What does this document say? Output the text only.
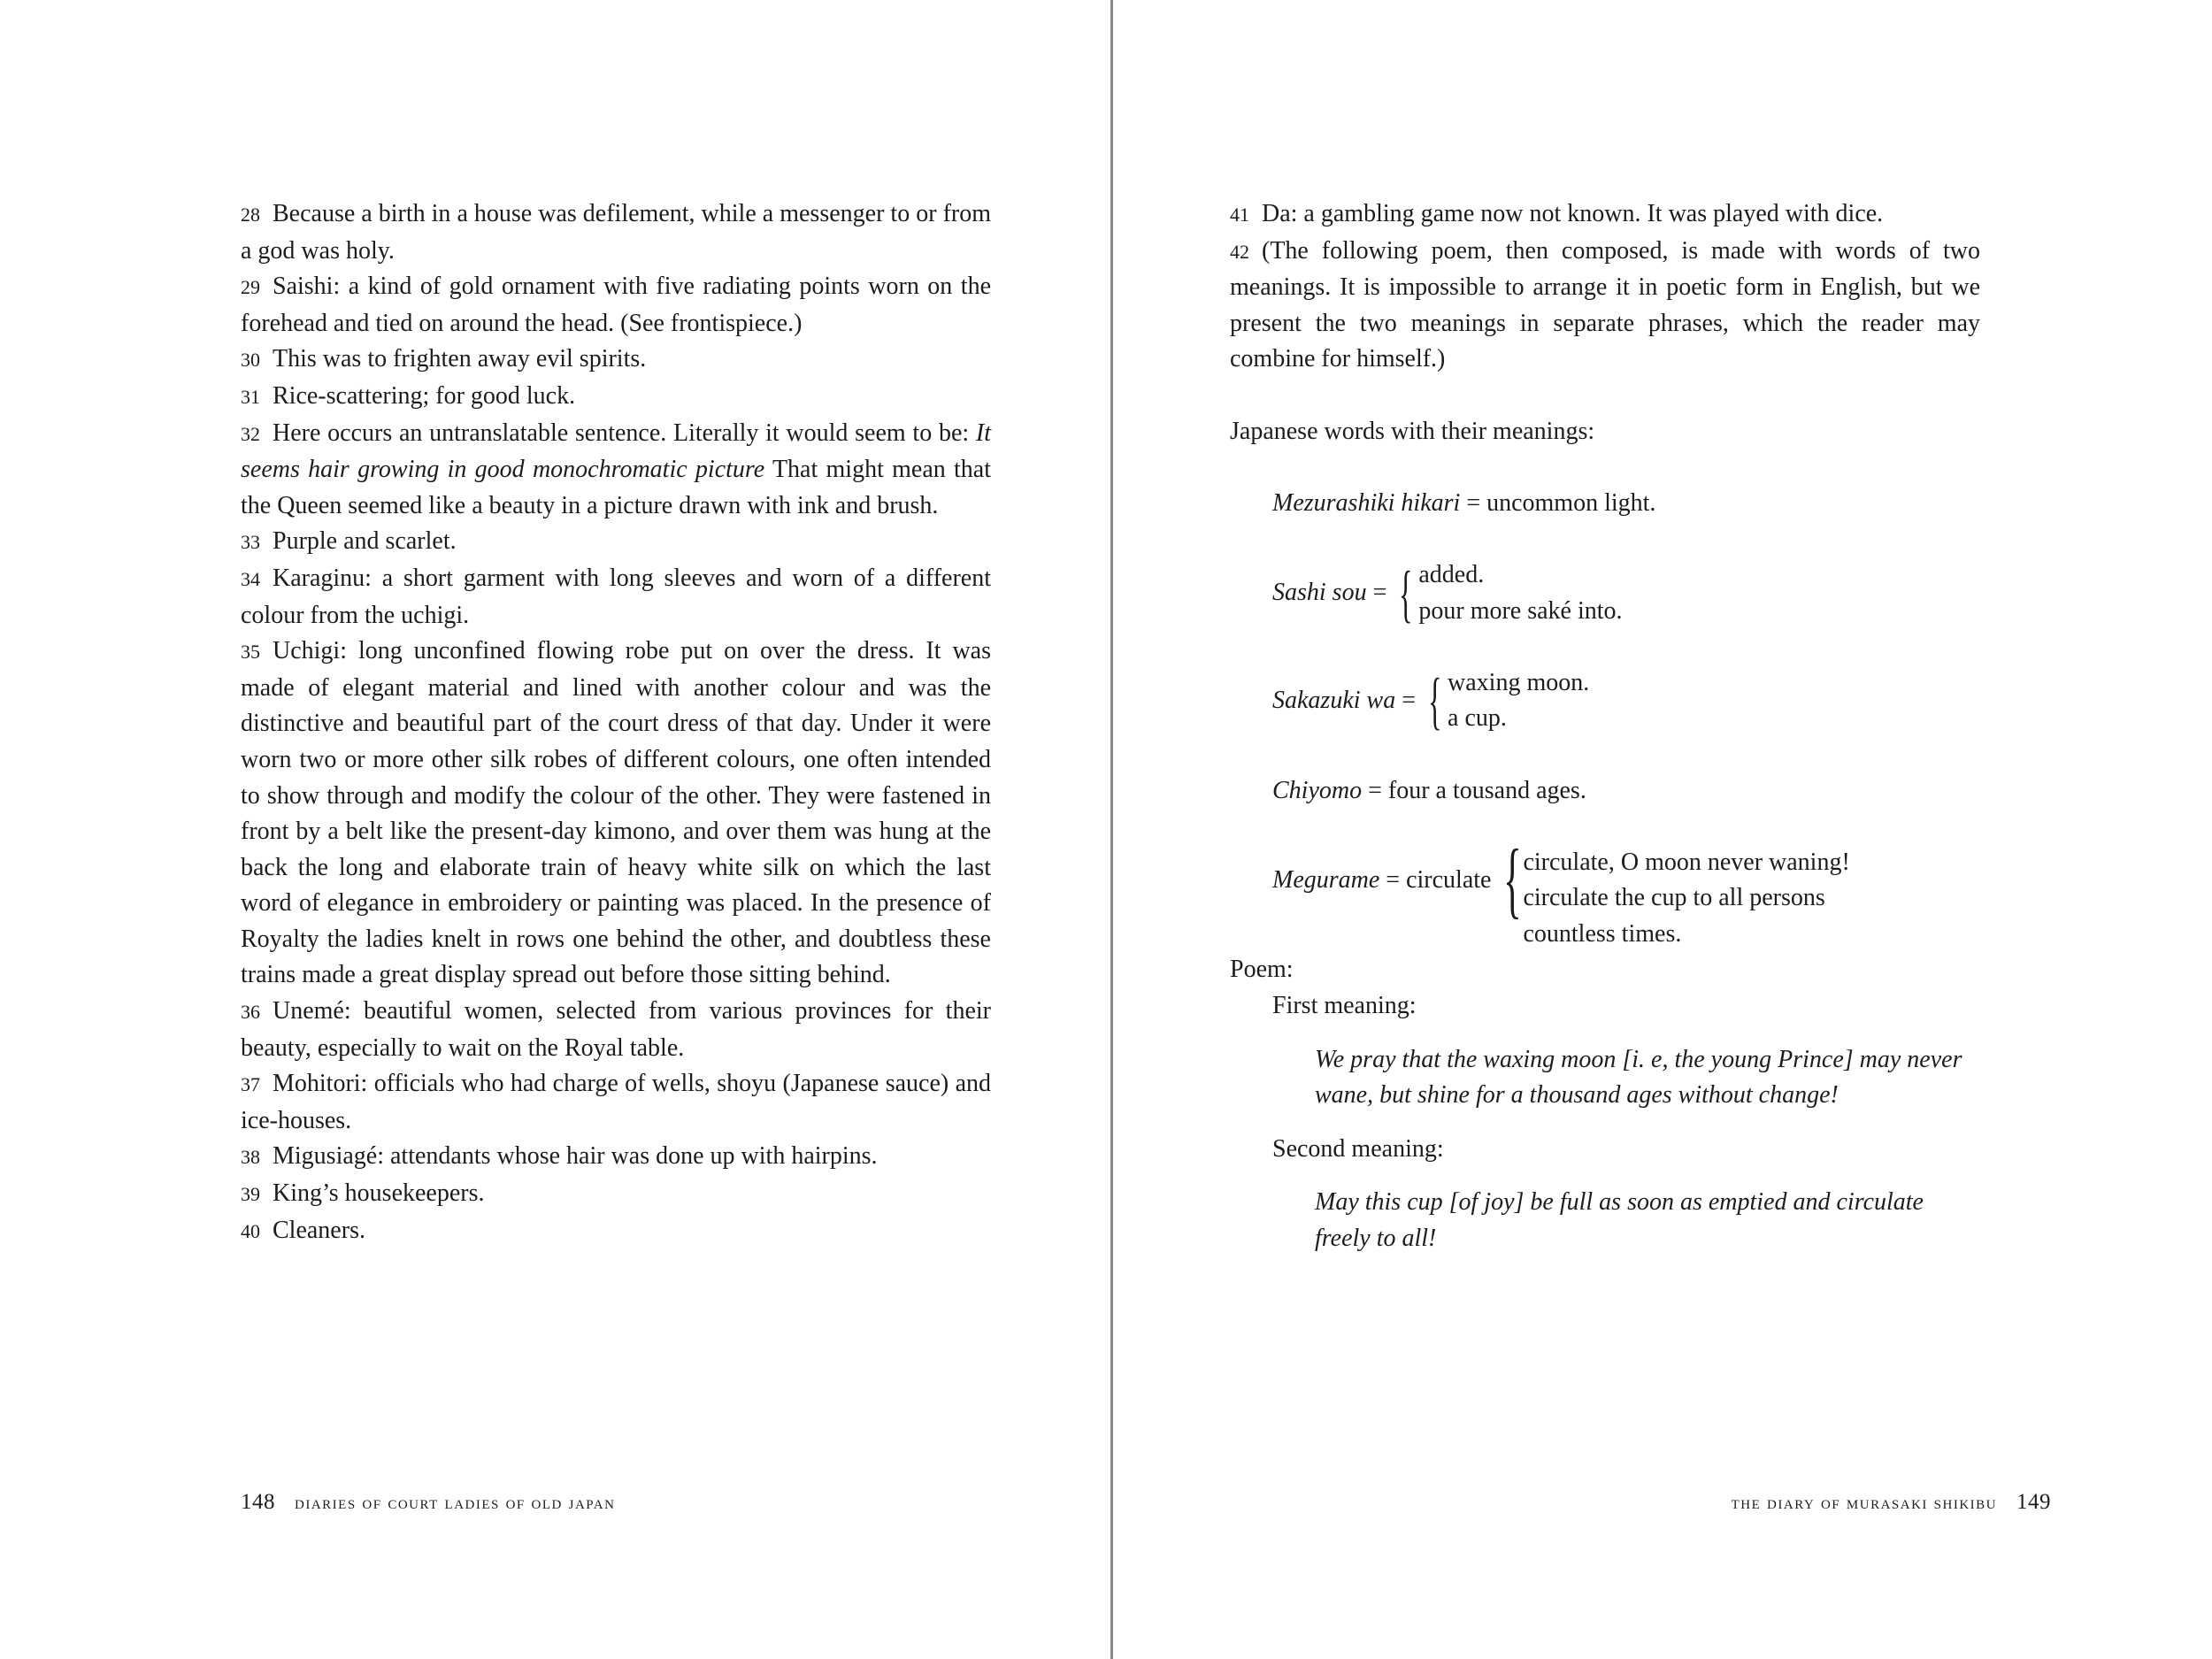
28 Because a birth in a house was defilement, while a messenger to or from a god was holy.

29 Saishi: a kind of gold ornament with five radiating points worn on the forehead and tied on around the head. (See frontispiece.)

30 This was to frighten away evil spirits.

31 Rice-scattering; for good luck.

32 Here occurs an untranslatable sentence. Literally it would seem to be: It seems hair growing in good monochromatic picture That might mean that the Queen seemed like a beauty in a picture drawn with ink and brush.

33 Purple and scarlet.

34 Karaginu: a short garment with long sleeves and worn of a different colour from the uchigi.

35 Uchigi: long unconfined flowing robe put on over the dress. It was made of elegant material and lined with another colour and was the distinctive and beautiful part of the court dress of that day. Under it were worn two or more other silk robes of different colours, one often intended to show through and modify the colour of the other. They were fastened in front by a belt like the present-day kimono, and over them was hung at the back the long and elaborate train of heavy white silk on which the last word of elegance in embroidery or painting was placed. In the presence of Royalty the ladies knelt in rows one behind the other, and doubtless these trains made a great display spread out before those sitting behind.

36 Unemé: beautiful women, selected from various provinces for their beauty, especially to wait on the Royal table.

37 Mohitori: officials who had charge of wells, shoyu (Japanese sauce) and ice-houses.

38 Migusiagé: attendants whose hair was done up with hairpins.

39 King’s housekeepers.

40 Cleaners.

148 diaries of court ladies of old japan

41 Da: a gambling game now not known. It was played with dice.

42 (The following poem, then composed, is made with words of two meanings. It is impossible to arrange it in poetic form in English, but we present the two meanings in separate phrases, which the reader may combine for himself.)

Japanese words with their meanings:
Mezurashiki hikari = uncommon light.
Sashi sou = { added.
pour more saké into.
Sakazuki wa = { waxing moon.
a cup.
Chiyomo = four a tousand ages.
Megurame = circulate { circulate, O moon never waning!
circulate the cup to all persons
countless times.
Poem:
First meaning:
We pray that the waxing moon [i. e, the young Prince] may never wane, but shine for a thousand ages without change!
Second meaning:
May this cup [of joy] be full as soon as emptied and circulate freely to all!
the diary of murasaki shikibu 149
